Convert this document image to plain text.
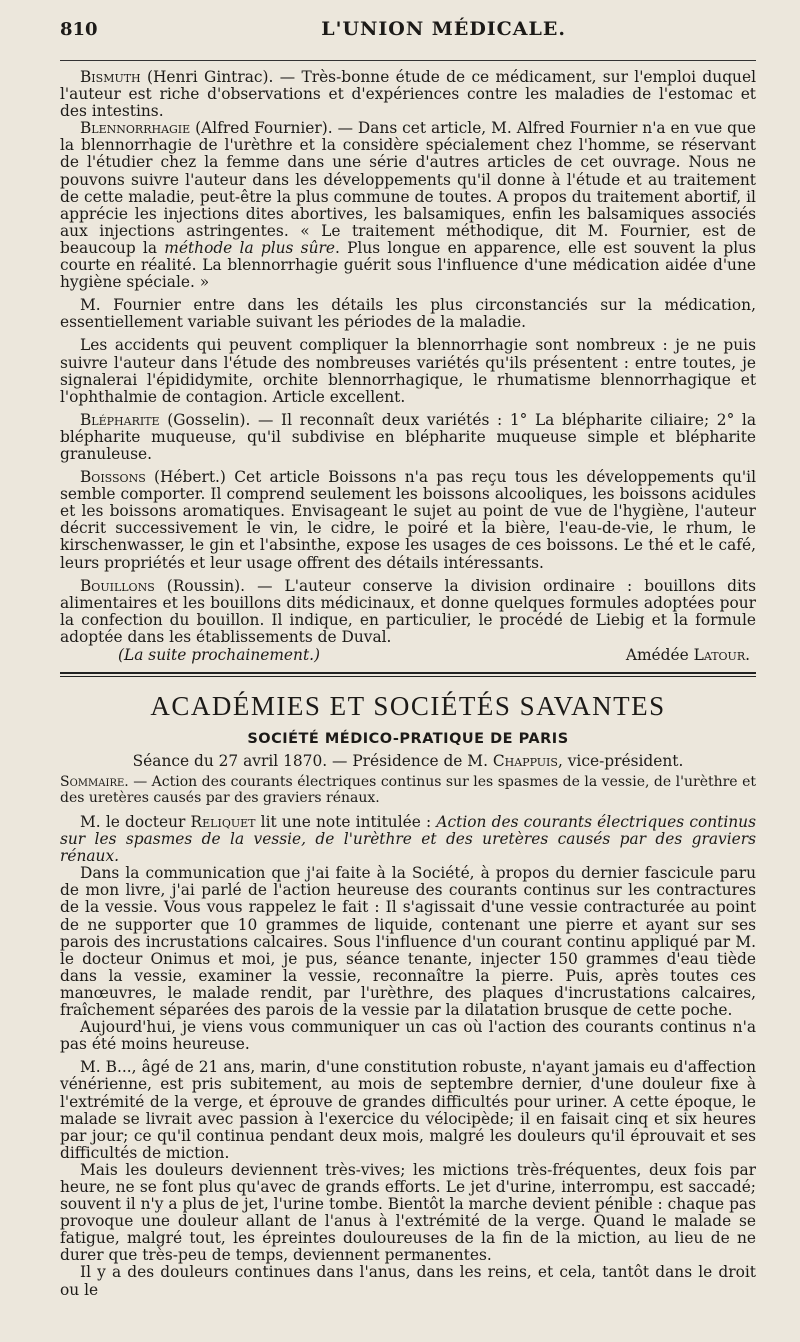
810	L'UNION MÉDICALE.

Bismuth (Henri Gintrac). — Très-bonne étude de ce médicament, sur l'emploi duquel l'auteur est riche d'observations et d'expériences contre les maladies de l'estomac et des intestins.

Blennorrhagie (Alfred Fournier). — Dans cet article, M. Alfred Fournier n'a en vue que la blennorrhagie de l'urèthre et la considère spécialement chez l'homme, se réservant de l'étudier chez la femme dans une série d'autres articles de cet ouvrage. Nous ne pouvons suivre l'auteur dans les développements qu'il donne à l'étude et au traitement de cette maladie, peut-être la plus commune de toutes. A propos du traitement abortif, il apprécie les injections dites abortives, les balsamiques, enfin les balsamiques associés aux injections astringentes. « Le traitement méthodique, dit M. Fournier, est de beaucoup la méthode la plus sûre. Plus longue en apparence, elle est souvent la plus courte en réalité. La blennorrhagie guérit sous l'influence d'une médication aidée d'une hygiène spéciale. »

M. Fournier entre dans les détails les plus circonstanciés sur la médication, essentiellement variable suivant les périodes de la maladie.

Les accidents qui peuvent compliquer la blennorrhagie sont nombreux : je ne puis suivre l'auteur dans l'étude des nombreuses variétés qu'ils présentent : entre toutes, je signalerai l'épididymite, orchite blennorrhagique, le rhumatisme blennorrhagique et l'ophthalmie de contagion. Article excellent.

Blépharite (Gosselin). — Il reconnaît deux variétés : 1° La blépharite ciliaire; 2° la blépharite muqueuse, qu'il subdivise en blépharite muqueuse simple et blépharite granuleuse.

Boissons (Hébert.) Cet article Boissons n'a pas reçu tous les développements qu'il semble comporter. Il comprend seulement les boissons alcooliques, les boissons acidules et les boissons aromatiques. Envisageant le sujet au point de vue de l'hygiène, l'auteur décrit successivement le vin, le cidre, le poiré et la bière, l'eau-de-vie, le rhum, le kirschenwasser, le gin et l'absinthe, expose les usages de ces boissons. Le thé et le café, leurs propriétés et leur usage offrent des détails intéressants.

Bouillons (Roussin). — L'auteur conserve la division ordinaire : bouillons dits alimentaires et les bouillons dits médicinaux, et donne quelques formules adoptées pour la confection du bouillon. Il indique, en particulier, le procédé de Liebig et la formule adoptée dans les établissements de Duval.

(La suite prochainement.)	Amédée Latour.
ACADÉMIES ET SOCIÉTÉS SAVANTES
SOCIÉTÉ MÉDICO-PRATIQUE DE PARIS
Séance du 27 avril 1870. — Présidence de M. Chappuis, vice-président.

Sommaire. — Action des courants électriques continus sur les spasmes de la vessie, de l'urèthre et des uretères causés par des graviers rénaux.

M. le docteur Reliquet lit une note intitulée : Action des courants électriques continus sur les spasmes de la vessie, de l'urèthre et des uretères causés par des graviers rénaux.

Dans la communication que j'ai faite à la Société, à propos du dernier fascicule paru de mon livre, j'ai parlé de l'action heureuse des courants continus sur les contractures de la vessie. Vous vous rappelez le fait : Il s'agissait d'une vessie contracturée au point de ne supporter que 10 grammes de liquide, contenant une pierre et ayant sur ses parois des incrustations calcaires. Sous l'influence d'un courant continu appliqué par M. le docteur Onimus et moi, je pus, séance tenante, injecter 150 grammes d'eau tiède dans la vessie, examiner la vessie, reconnaître la pierre. Puis, après toutes ces manœuvres, le malade rendit, par l'urèthre, des plaques d'incrustations calcaires, fraîchement séparées des parois de la vessie par la dilatation brusque de cette poche.

Aujourd'hui, je viens vous communiquer un cas où l'action des courants continus n'a pas été moins heureuse.

M. B..., âgé de 21 ans, marin, d'une constitution robuste, n'ayant jamais eu d'affection vénérienne, est pris subitement, au mois de septembre dernier, d'une douleur fixe à l'extrémité de la verge, et éprouve de grandes difficultés pour uriner. A cette époque, le malade se livrait avec passion à l'exercice du vélocipède; il en faisait cinq et six heures par jour; ce qu'il continua pendant deux mois, malgré les douleurs qu'il éprouvait et ses difficultés de miction.

Mais les douleurs deviennent très-vives; les mictions très-fréquentes, deux fois par heure, ne se font plus qu'avec de grands efforts. Le jet d'urine, interrompu, est saccadé; souvent il n'y a plus de jet, l'urine tombe. Bientôt la marche devient pénible : chaque pas provoque une douleur allant de l'anus à l'extrémité de la verge. Quand le malade se fatigue, malgré tout, les épreintes douloureuses de la fin de la miction, au lieu de ne durer que très-peu de temps, deviennent permanentes.

Il y a des douleurs continues dans l'anus, dans les reins, et cela, tantôt dans le droit ou le
